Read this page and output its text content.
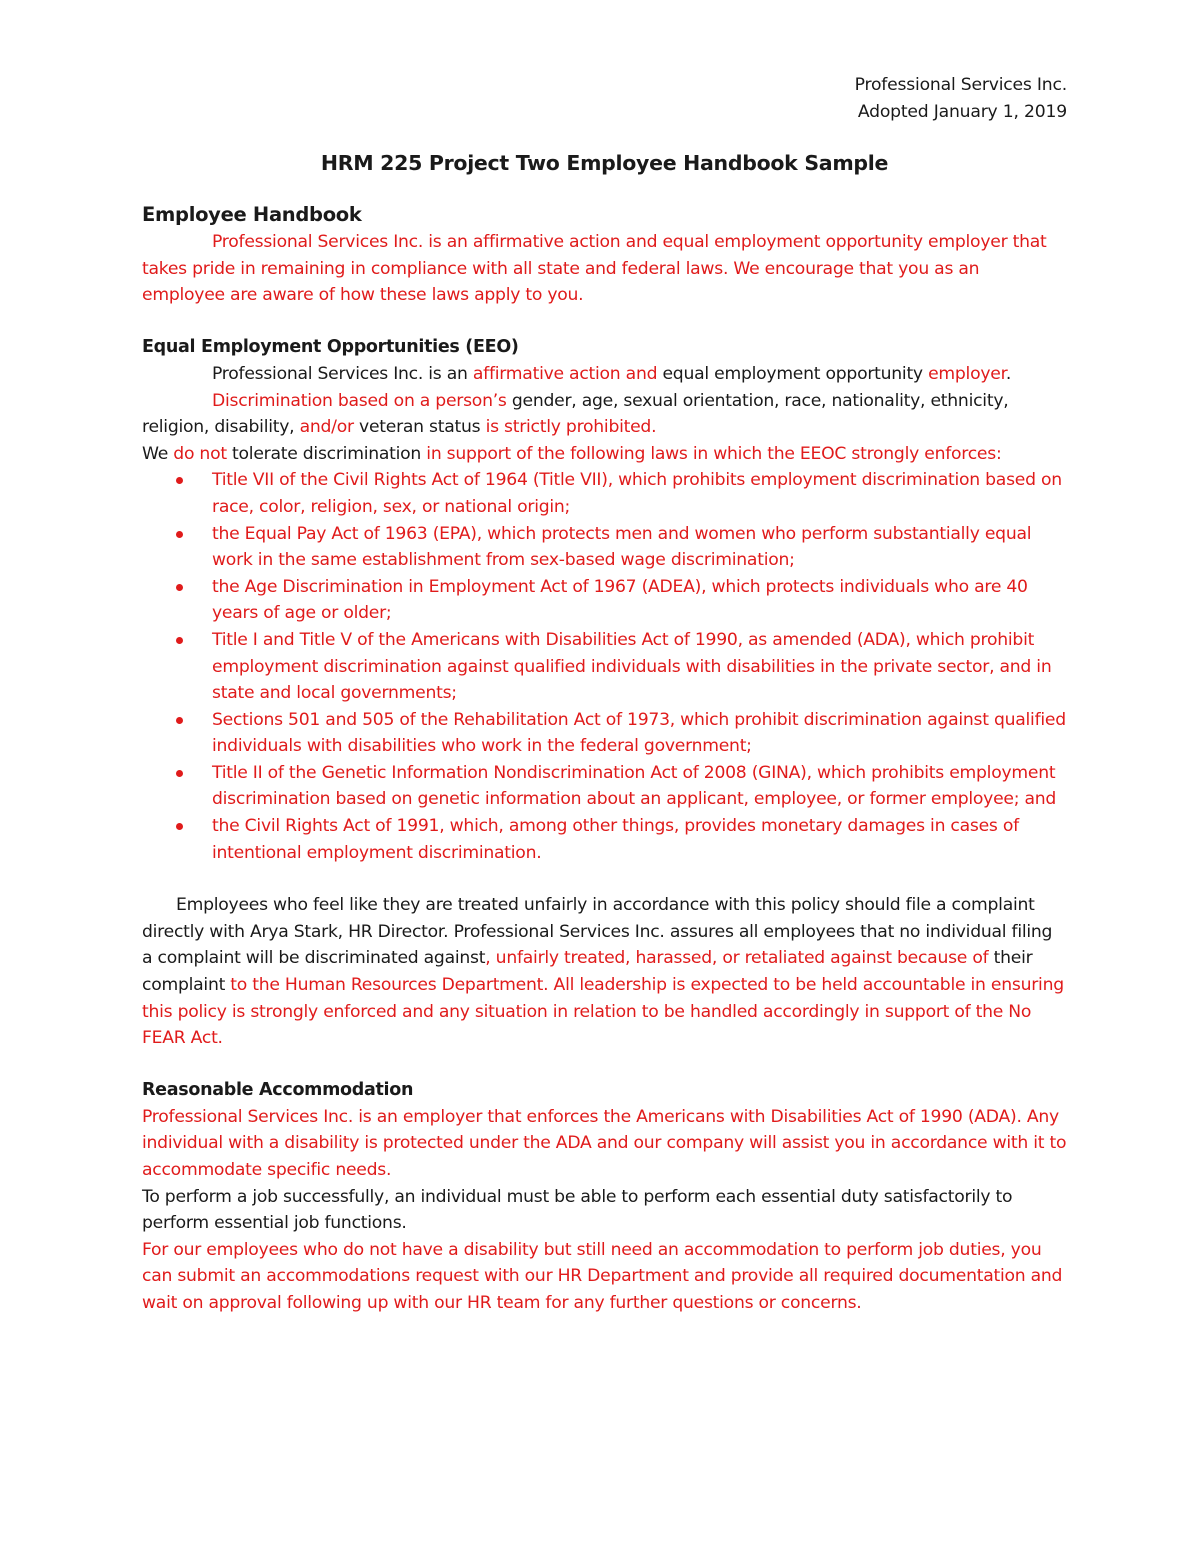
Professional Services Inc.

Adopted January 1, 2019

HRM 225 Project Two Employee Handbook Sample
Employee Handbook

Professional Services Inc. is an affirmative action and equal employment opportunity employer that takes pride in remaining in compliance with all state and federal laws. We encourage that you as an employee are aware of how these laws apply to you.

Equal Employment Opportunities (EEO)

Professional Services Inc. is an affirmative action and equal employment opportunity employer.

Discrimination based on a person’s gender, age, sexual orientation, race, nationality, ethnicity, religion, disability, and/or veteran status is strictly prohibited.

We do not tolerate discrimination in support of the following laws in which the EEOC strongly enforces:

Title VII of the Civil Rights Act of 1964 (Title VII), which prohibits employment discrimination based on race, color, religion, sex, or national origin;
the Equal Pay Act of 1963 (EPA), which protects men and women who perform substantially equal work in the same establishment from sex-based wage discrimination;
the Age Discrimination in Employment Act of 1967 (ADEA), which protects individuals who are 40 years of age or older;
Title I and Title V of the Americans with Disabilities Act of 1990, as amended (ADA), which prohibit employment discrimination against qualified individuals with disabilities in the private sector, and in state and local governments;
Sections 501 and 505 of the Rehabilitation Act of 1973, which prohibit discrimination against qualified individuals with disabilities who work in the federal government;
Title II of the Genetic Information Nondiscrimination Act of 2008 (GINA), which prohibits employment discrimination based on genetic information about an applicant, employee, or former employee; and
the Civil Rights Act of 1991, which, among other things, provides monetary damages in cases of intentional employment discrimination.

Employees who feel like they are treated unfairly in accordance with this policy should file a complaint directly with Arya Stark, HR Director. Professional Services Inc. assures all employees that no individual filing a complaint will be discriminated against, unfairly treated, harassed, or retaliated against because of their complaint to the Human Resources Department. All leadership is expected to be held accountable in ensuring this policy is strongly enforced and any situation in relation to be handled accordingly in support of the No FEAR Act.

Reasonable Accommodation

Professional Services Inc. is an employer that enforces the Americans with Disabilities Act of 1990 (ADA). Any individual with a disability is protected under the ADA and our company will assist you in accordance with it to accommodate specific needs.

To perform a job successfully, an individual must be able to perform each essential duty satisfactorily to perform essential job functions.

For our employees who do not have a disability but still need an accommodation to perform job duties, you can submit an accommodations request with our HR Department and provide all required documentation and wait on approval following up with our HR team for any further questions or concerns.
